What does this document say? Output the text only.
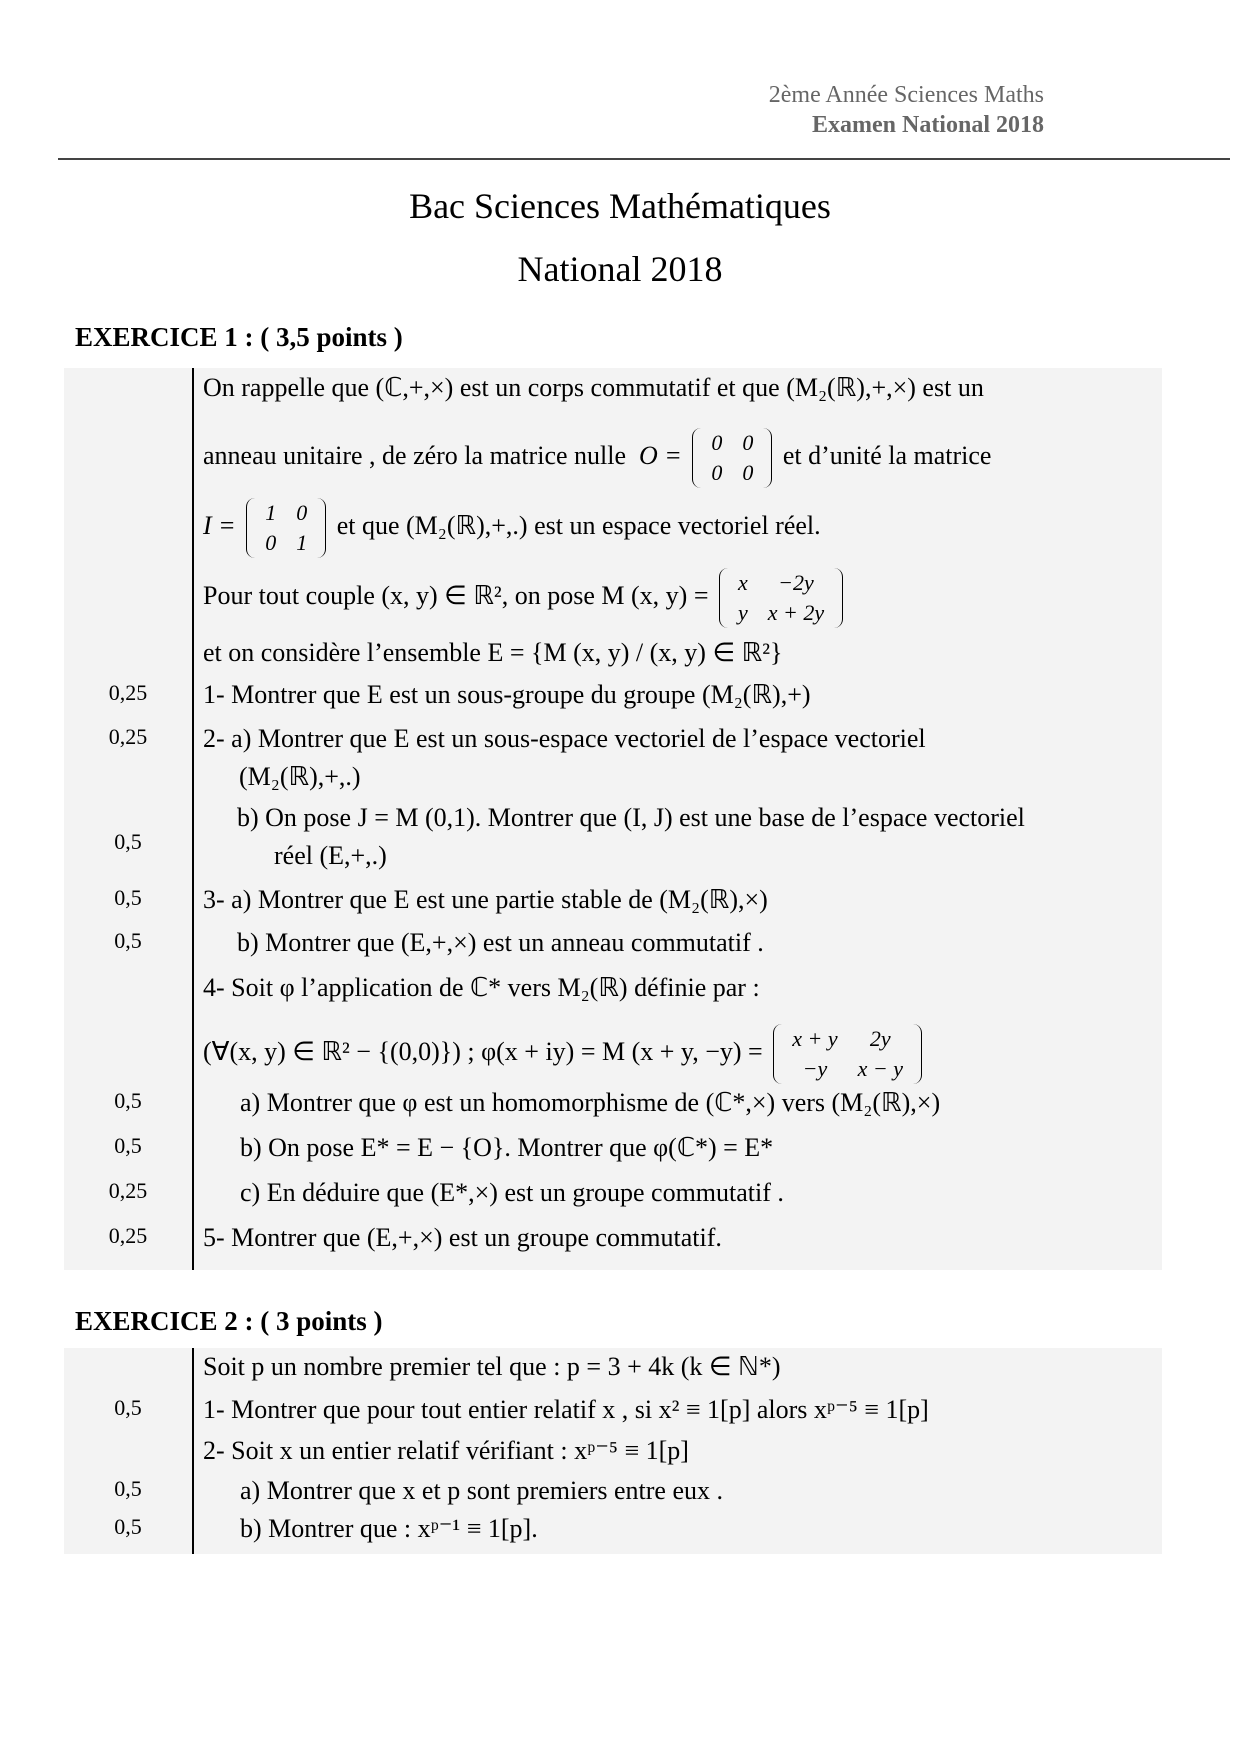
2ème Année Sciences Maths
Examen National 2018
Bac Sciences Mathématiques
National 2018
EXERCICE 1 : ( 3,5 points )
On rappelle que (ℂ,+,×) est un corps commutatif et que (M₂(ℝ),+,×) est un
anneau unitaire , de zéro la matrice nulle O = 0	0
0	0
et d’unité la matrice
I = 1	0
0	1
et que (M₂(ℝ),+,.) est un espace vectoriel réel.
Pour tout couple (x, y) ∈ ℝ², on pose M (x, y) = x	−2y
y	x + 2y
et on considère l’ensemble E = {M (x, y) / (x, y) ∈ ℝ²}
0,25	1- Montrer que E est un sous-groupe du groupe (M₂(ℝ),+)
0,25	2- a) Montrer que E est un sous-espace vectoriel de l’espace vectoriel
(M₂(ℝ),+,.)
b) On pose J = M (0,1). Montrer que (I, J) est une base de l’espace vectoriel
0,5	réel (E,+,.)
0,5	3- a) Montrer que E est une partie stable de (M₂(ℝ),×)
0,5	b) Montrer que (E,+,×) est un anneau commutatif .
4- Soit φ l’application de ℂ* vers M₂(ℝ) définie par :
(∀(x, y) ∈ ℝ² − {(0,0)}) ; φ(x + iy) = M (x + y, −y) = x + y	2y
−y	x − y
0,5	a) Montrer que φ est un homomorphisme de (ℂ*,×) vers (M₂(ℝ),×)
0,5	b) On pose E* = E − {O}. Montrer que φ(ℂ*) = E*
0,25	c) En déduire que (E*,×) est un groupe commutatif .
0,25	5- Montrer que (E,+,×) est un groupe commutatif.
EXERCICE 2 : ( 3 points )
Soit p un nombre premier tel que : p = 3 + 4k (k ∈ ℕ*)
0,5	1- Montrer que pour tout entier relatif x , si x² ≡ 1[p] alors xᵖ⁻⁵ ≡ 1[p]
2- Soit x un entier relatif vérifiant : xᵖ⁻⁵ ≡ 1[p]
0,5	a) Montrer que x et p sont premiers entre eux .
0,5	b) Montrer que : xᵖ⁻¹ ≡ 1[p].
